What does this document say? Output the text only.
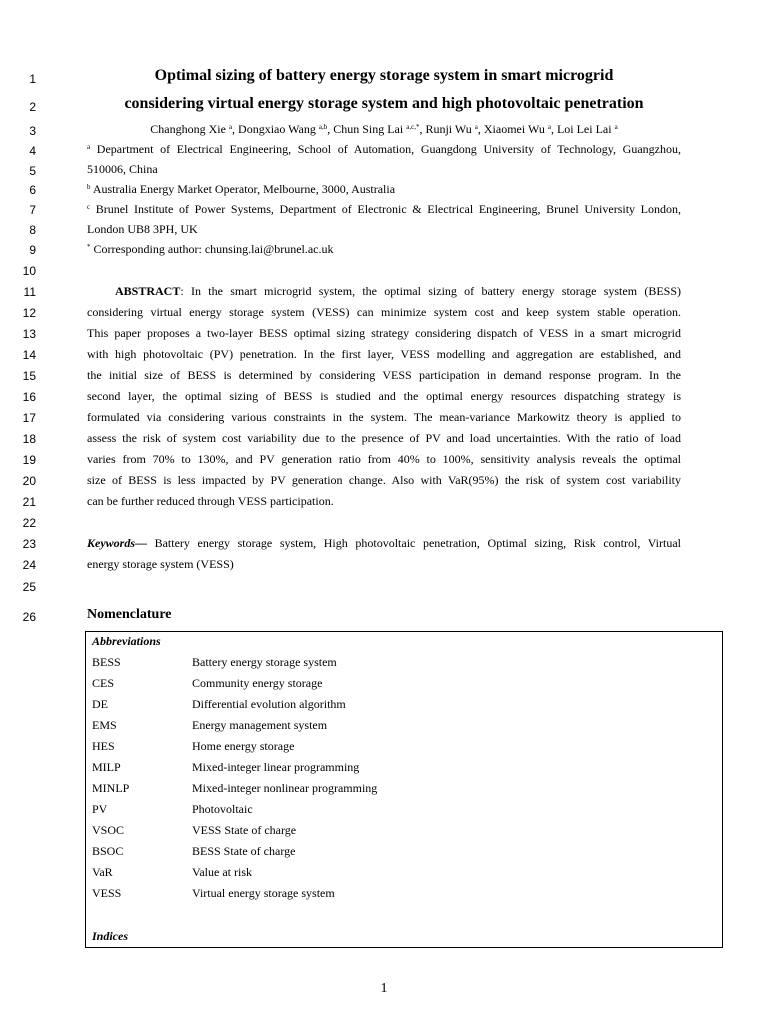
1
2
3
4
5
6
7
8
9
10
11
12
13
14
15
16
17
18
19
20
21
22
23
24
25
26
Optimal sizing of battery energy storage system in smart microgrid
considering virtual energy storage system and high photovoltaic penetration
Changhong Xie $^a$, Dongxiao Wang $^{a,b}$, Chun Sing Lai $^{a,c,*}$, Runji Wu $^a$, Xiaomei Wu $^a$, Loi Lei Lai $^a$
$^a$ Department of Electrical Engineering, School of Automation, Guangdong University of Technology, Guangzhou,
510006, China
$^b$ Australia Energy Market Operator, Melbourne, 3000, Australia
$^c$ Brunel Institute of Power Systems, Department of Electronic & Electrical Engineering, Brunel University London,
London UB8 3PH, UK
* Corresponding author: chunsing.lai@brunel.ac.uk
ABSTRACT: In the smart microgrid system, the optimal sizing of battery energy storage system (BESS)
considering virtual energy storage system (VESS) can minimize system cost and keep system stable operation.
This paper proposes a two-layer BESS optimal sizing strategy considering dispatch of VESS in a smart microgrid
with high photovoltaic (PV) penetration. In the first layer, VESS modelling and aggregation are established, and
the initial size of BESS is determined by considering VESS participation in demand response program. In the
second layer, the optimal sizing of BESS is studied and the optimal energy resources dispatching strategy is
formulated via considering various constraints in the system. The mean-variance Markowitz theory is applied to
assess the risk of system cost variability due to the presence of PV and load uncertainties. With the ratio of load
varies from 70% to 130%, and PV generation ratio from 40% to 100%, sensitivity analysis reveals the optimal
size of BESS is less impacted by PV generation change. Also with VaR(95%) the risk of system cost variability
can be further reduced through VESS participation.
Keywords— Battery energy storage system, High photovoltaic penetration, Optimal sizing, Risk control, Virtual
energy storage system (VESS)
Nomenclature
Abbreviations
BESS	Battery energy storage system
CES	Community energy storage
DE	Differential evolution algorithm
EMS	Energy management system
HES	Home energy storage
MILP	Mixed-integer linear programming
MINLP	Mixed-integer nonlinear programming
PV	Photovoltaic
VSOC	VESS State of charge
BSOC	BESS State of charge
VaR	Value at risk
VESS	Virtual energy storage system
Indices
1
